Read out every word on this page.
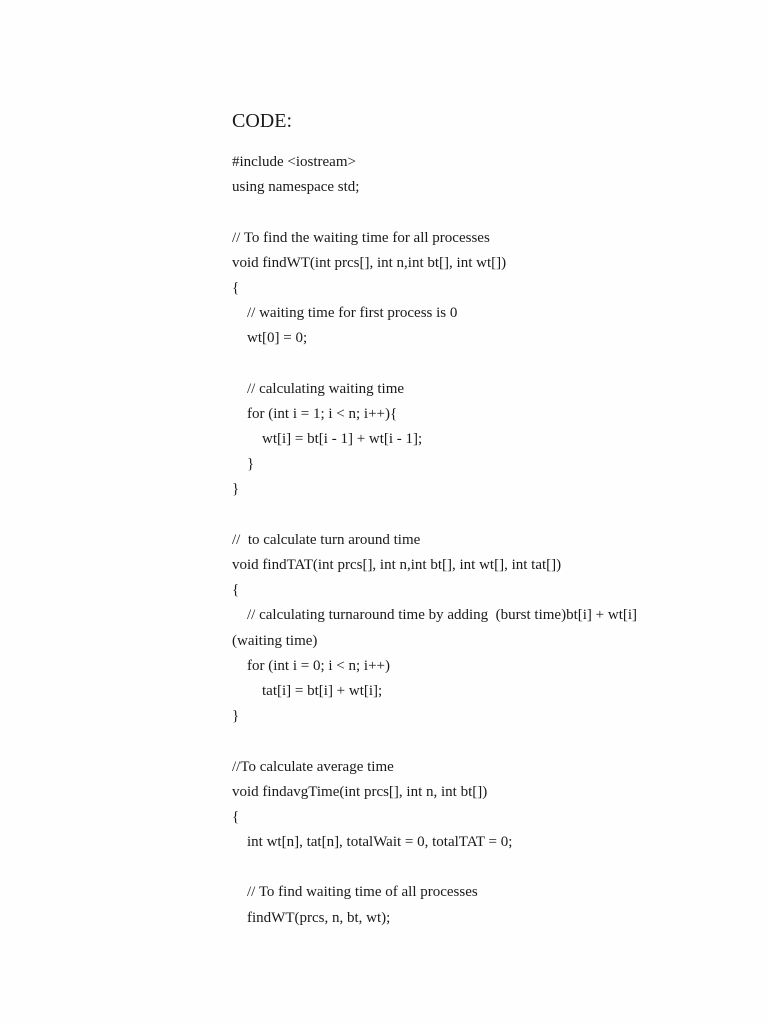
CODE:
#include <iostream>
using namespace std;
// To find the waiting time for all processes
void findWT(int prcs[], int n,int bt[], int wt[])
{
// waiting time for first process is 0
wt[0] = 0;
// calculating waiting time
for (int i = 1; i < n; i++){
wt[i] = bt[i - 1] + wt[i - 1];
}
}
//  to calculate turn around time
void findTAT(int prcs[], int n,int bt[], int wt[], int tat[])
{
// calculating turnaround time by adding  (burst time)bt[i] + wt[i]
(waiting time)
for (int i = 0; i < n; i++)
tat[i] = bt[i] + wt[i];
}
//To calculate average time
void findavgTime(int prcs[], int n, int bt[])
{
int wt[n], tat[n], totalWait = 0, totalTAT = 0;
// To find waiting time of all processes
findWT(prcs, n, bt, wt);
